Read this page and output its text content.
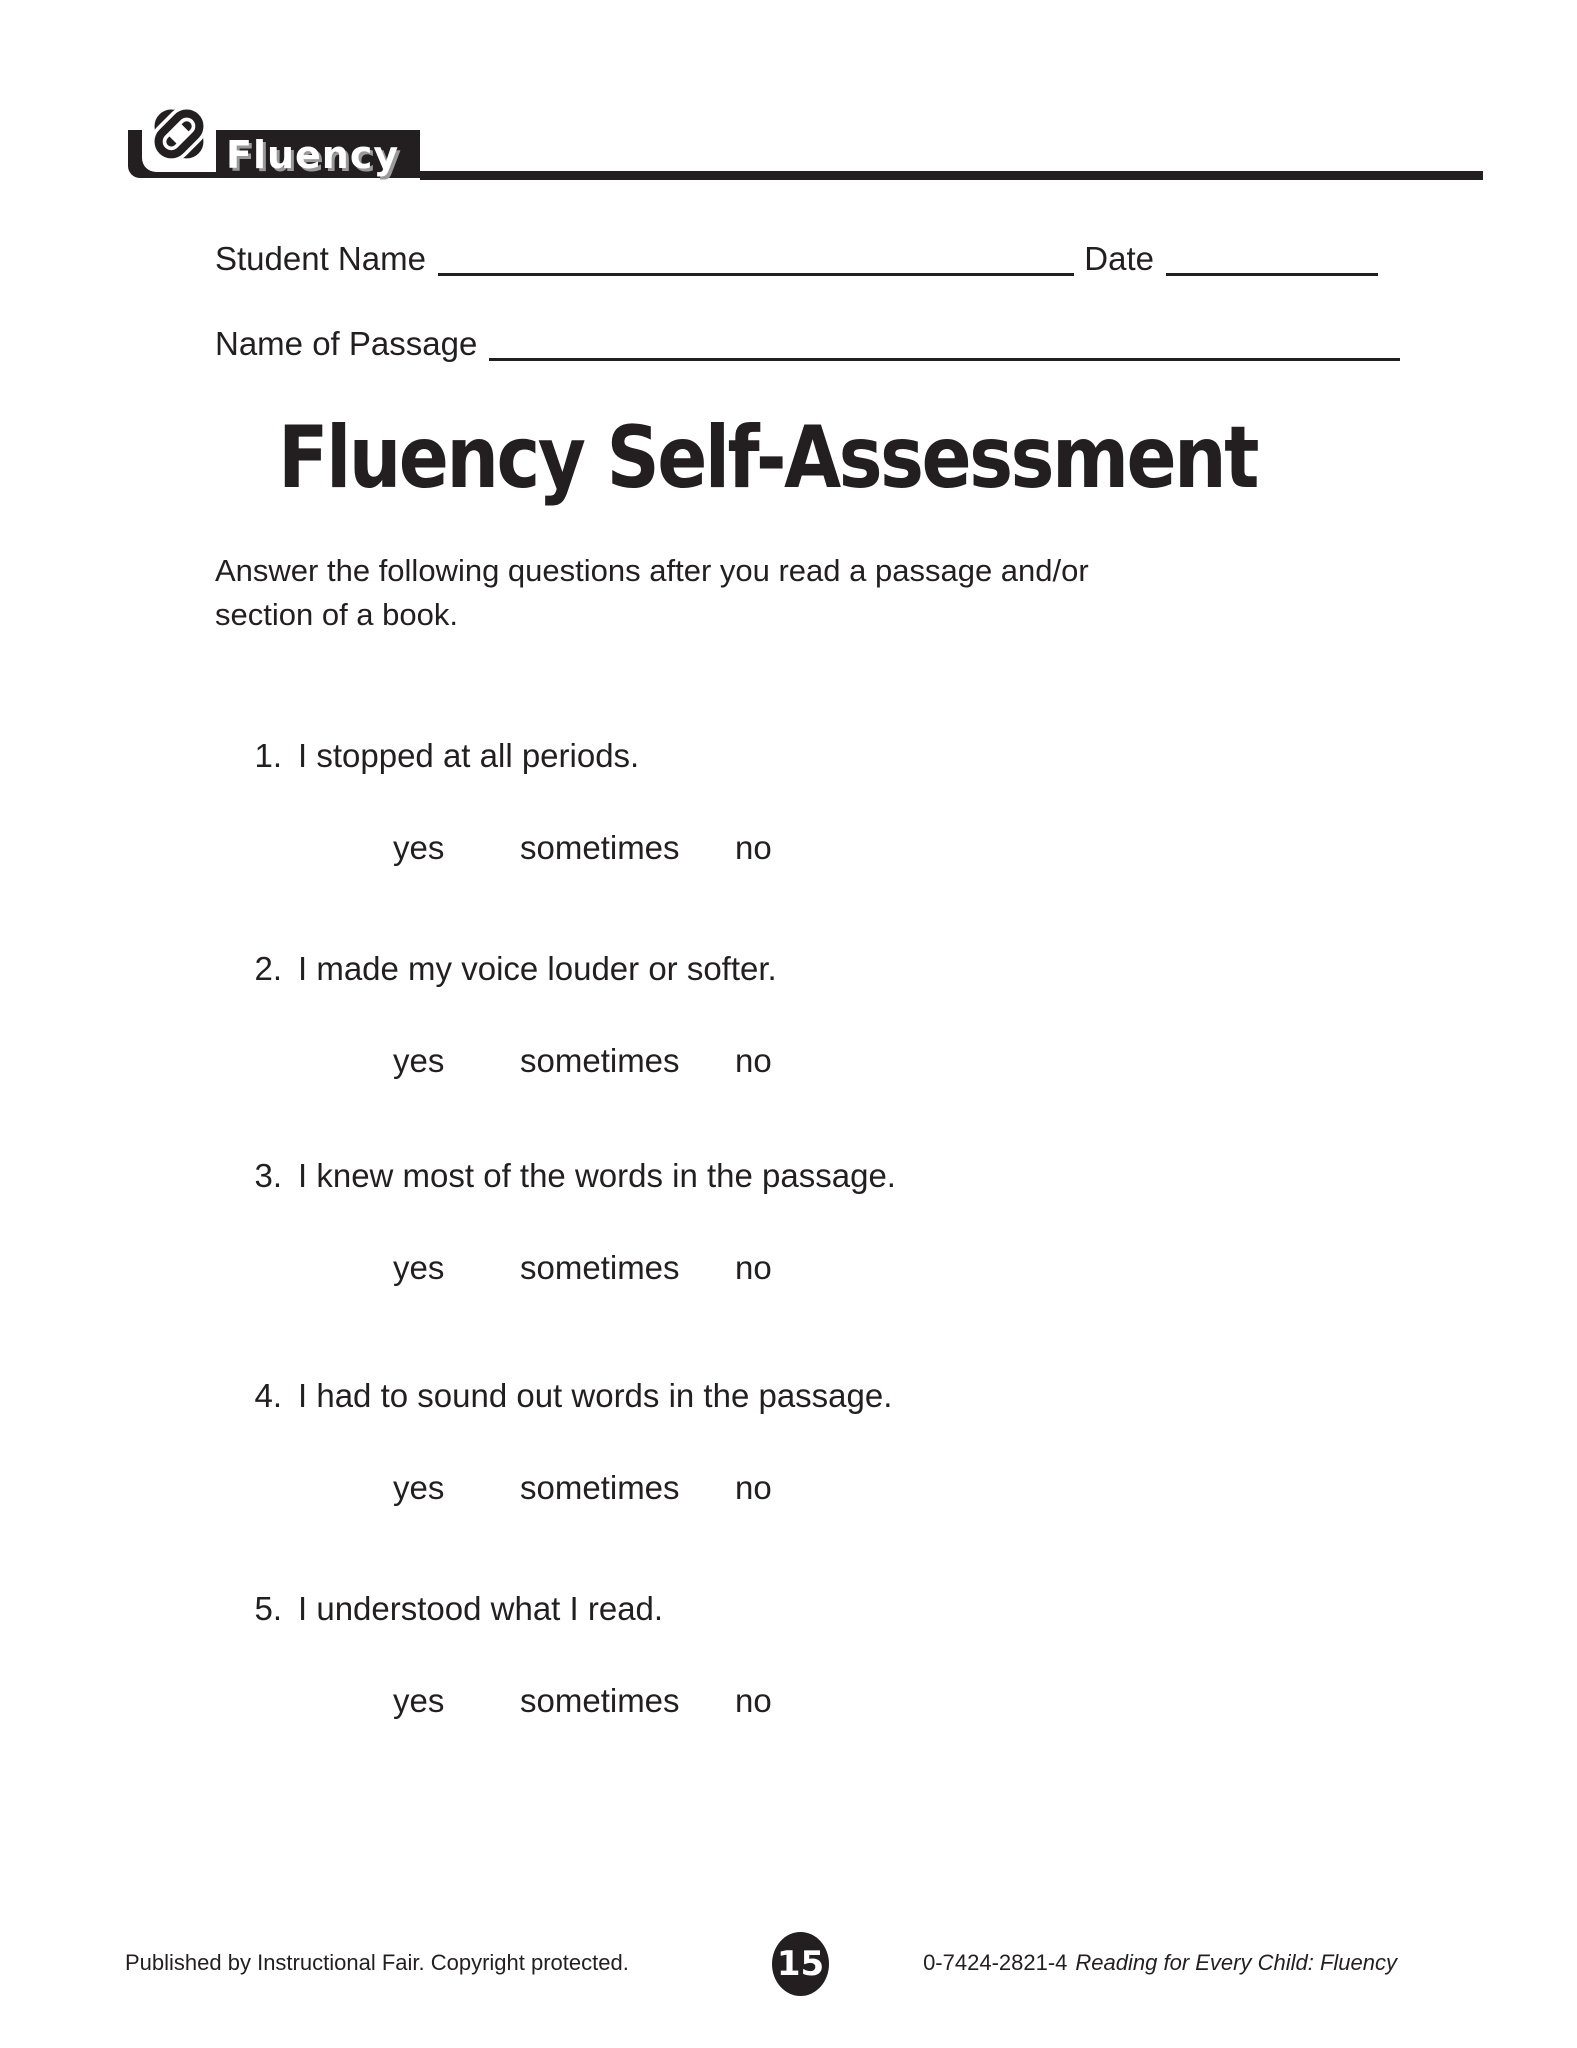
Fluency
Student Name	Date
Name of Passage
Fluency Self-Assessment
Answer the following questions after you read a passage and/or
section of a book.
1. I stopped at all periods.
yes	sometimes	no
2. I made my voice louder or softer.
yes	sometimes	no
3. I knew most of the words in the passage.
yes	sometimes	no
4. I had to sound out words in the passage.
yes	sometimes	no
5. I understood what I read.
yes	sometimes	no
Published by Instructional Fair. Copyright protected.	15	0-7424-2821-4 Reading for Every Child: Fluency
